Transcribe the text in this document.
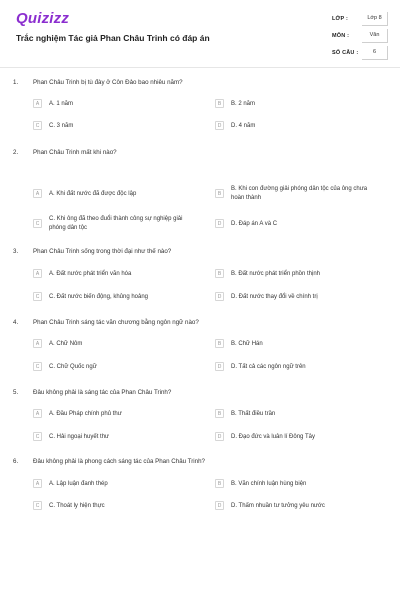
Quizizz
Trắc nghiệm Tác giả Phan Châu Trinh có đáp án
LỚP :	Lớp 8
MÔN :	Văn
SỐ CÂU :	6
1. Phan Châu Trinh bị tù đày ở Côn Đảo bao nhiêu năm?
A	A. 1 năm	B	B. 2 năm
C	C. 3 năm	D	D. 4 năm
2. Phan Châu Trinh mất khi nào?
A	A. Khi đất nước đã được độc lập	B
B. Khi con đường giải phóng dân tộc của ông chưa hoàn thành
C
C. Khi ông đã theo đuổi thành công sự nghiệp giải phóng dân tộc
D	D. Đáp án A và C
3. Phan Châu Trinh sống trong thời đại như thế nào?
A	A. Đất nước phát triển văn hóa	B	B. Đất nước phát triển phồn thịnh
C	C. Đất nước biến động, khủng hoảng	D	D. Đất nước thay đổi về chính trị
4. Phan Châu Trinh sáng tác văn chương bằng ngôn ngữ nào?
A	A. Chữ Nôm	B	B. Chữ Hán
C	C. Chữ Quốc ngữ	D	D. Tất cả các ngôn ngữ trên
5. Đâu không phải là sáng tác của Phan Châu Trinh?
A	A. Đầu Pháp chính phủ thư	B	B. Thất điều trần
C	C. Hải ngoại huyết thư	D	D. Đạo đức và luân lí Đông Tây
6. Đâu không phải là phong cách sáng tác của Phan Châu Trinh?
A	A. Lập luận đanh thép	B	B. Văn chính luận hùng biện
C	C. Thoát ly hiện thực	D	D. Thấm nhuần tư tưởng yêu nước
